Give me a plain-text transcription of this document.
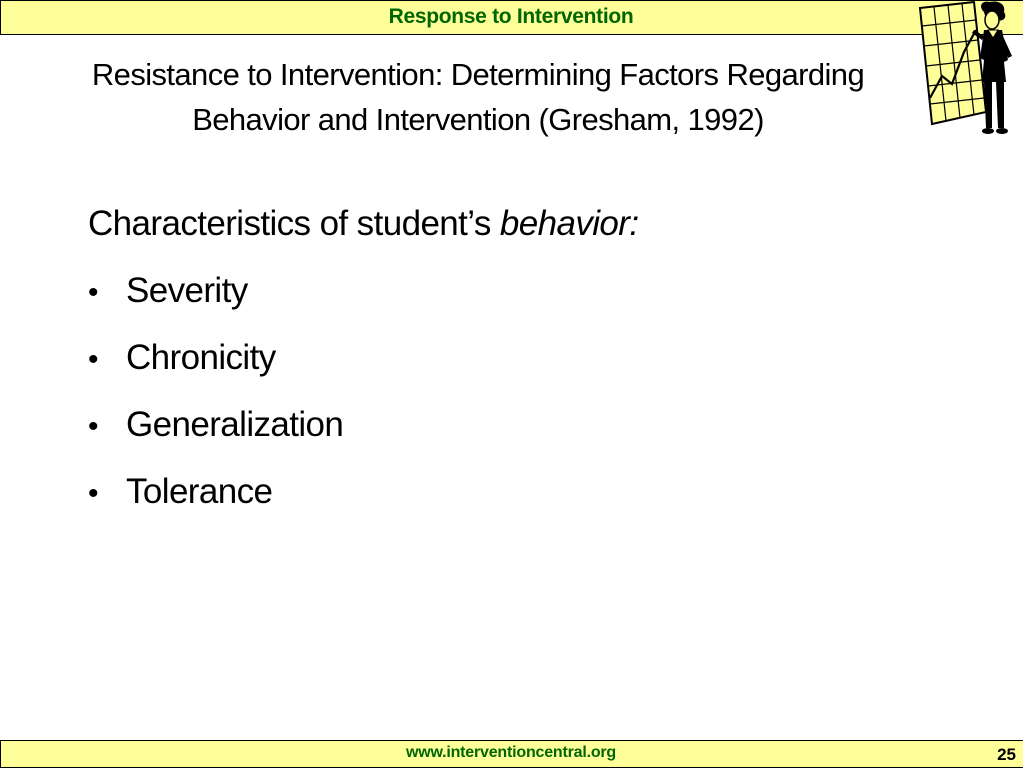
Response to Intervention
Resistance to Intervention: Determining Factors Regarding
Behavior and Intervention (Gresham, 1992)

Characteristics of student’s behavior:

• Severity
• Chronicity
• Generalization
• Tolerance
www.interventioncentral.org	25
